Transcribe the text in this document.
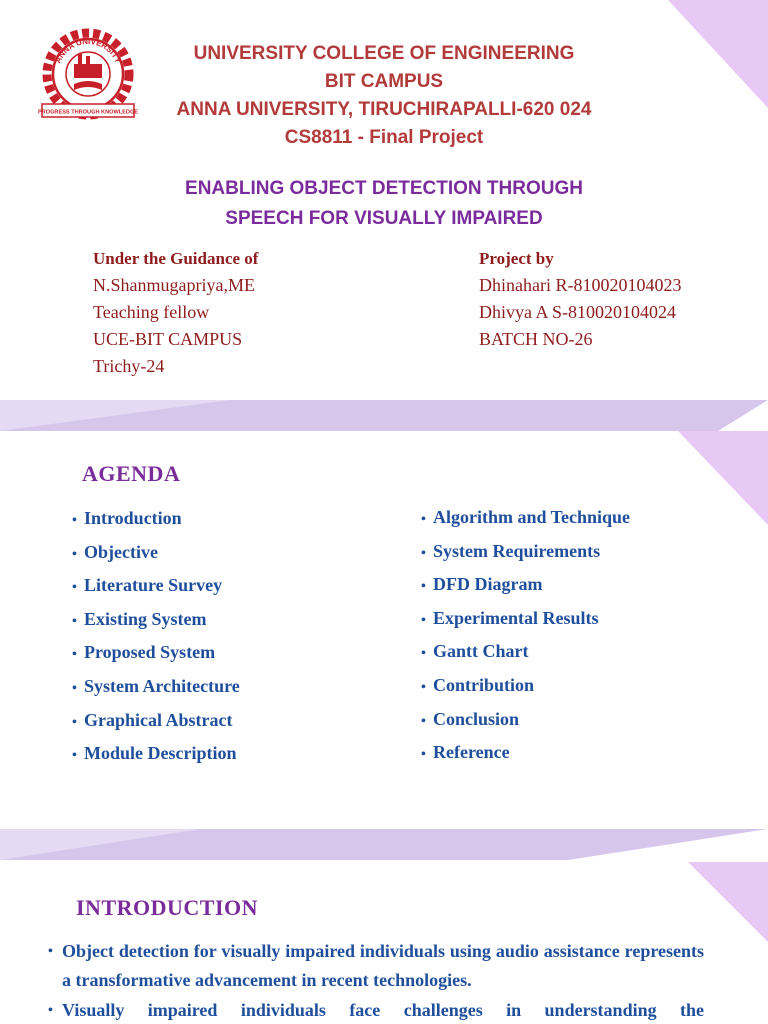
ANNA UNIVERSITY
PROGRESS THROUGH KNOWLEDGE
UNIVERSITY COLLEGE OF ENGINEERING
BIT CAMPUS
ANNA UNIVERSITY, TIRUCHIRAPALLI-620 024
CS8811 - Final Project
ENABLING OBJECT DETECTION THROUGH
SPEECH FOR VISUALLY IMPAIRED
Under the Guidance of
N.Shanmugapriya,ME
Teaching fellow
UCE-BIT CAMPUS
Trichy-24
Project by
Dhinahari R-810020104023
Dhivya A S-810020104024
BATCH NO-26
AGENDA
• Introduction
• Objective
• Literature Survey
• Existing System
• Proposed System
• System Architecture
• Graphical Abstract
• Module Description
• Algorithm and Technique
• System Requirements
• DFD Diagram
• Experimental Results
• Gantt Chart
• Contribution
• Conclusion
• Reference
INTRODUCTION
• Object detection for visually impaired individuals using audio assistance represents a transformative advancement in recent technologies.
• Visually impaired individuals face challenges in understanding the
